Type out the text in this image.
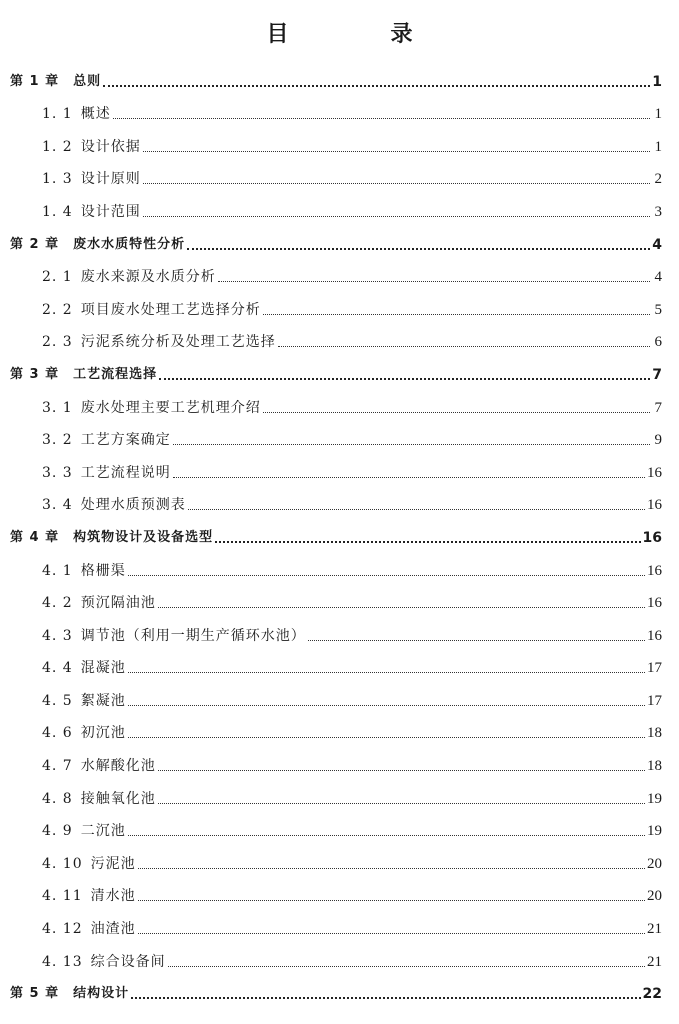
目　录
第 1 章 总则	1
1. 1 概述	1
1. 2 设计依据	1
1. 3 设计原则	2
1. 4 设计范围	3
第 2 章 废水水质特性分析	4
2. 1 废水来源及水质分析	4
2. 2 项目废水处理工艺选择分析	5
2. 3 污泥系统分析及处理工艺选择	6
第 3 章 工艺流程选择	7
3. 1 废水处理主要工艺机理介绍	7
3. 2 工艺方案确定	9
3. 3 工艺流程说明	16
3. 4 处理水质预测表	16
第 4 章 构筑物设计及设备选型	16
4. 1 格栅渠	16
4. 2 预沉隔油池	16
4. 3 调节池（利用一期生产循环水池）	16
4. 4 混凝池	17
4. 5 絮凝池	17
4. 6 初沉池	18
4. 7 水解酸化池	18
4. 8 接触氧化池	19
4. 9 二沉池	19
4. 10 污泥池	20
4. 11 清水池	20
4. 12 油渣池	21
4. 13 综合设备间	21
第 5 章 结构设计	22
